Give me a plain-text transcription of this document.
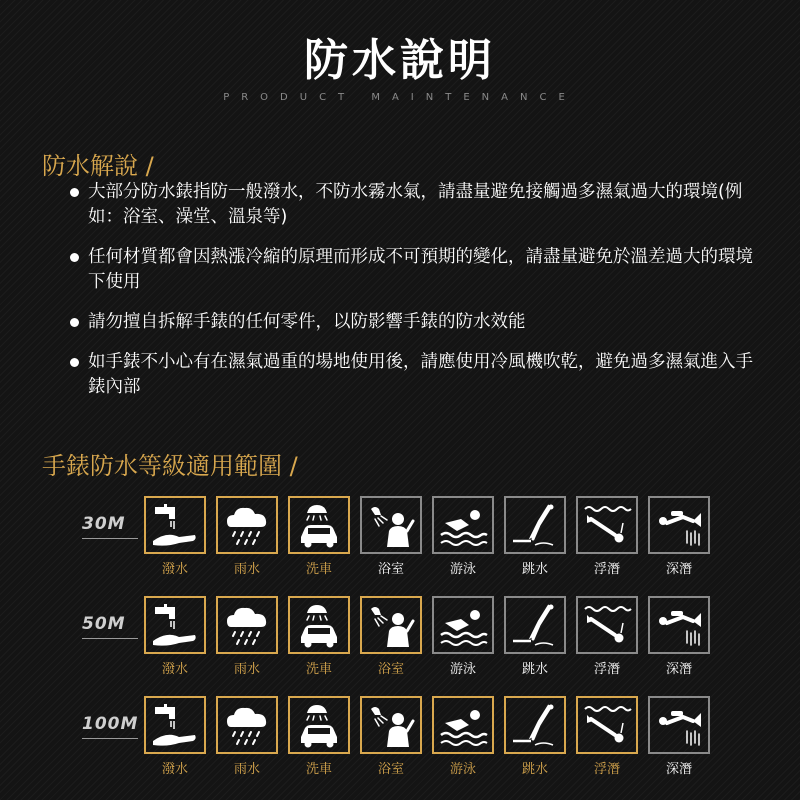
防水說明
PRODUCT MAINTENANCE
防水解說 /
大部分防水錶指防一般潑水，不防水霧水氣，請盡量避免接觸過多濕氣過大的環境(例如：浴室、澡堂、溫泉等)
任何材質都會因熱漲冷縮的原理而形成不可預期的變化，請盡量避免於溫差過大的環境下使用
請勿擅自拆解手錶的任何零件，以防影響手錶的防水效能
如手錶不小心有在濕氣過重的場地使用後，請應使用冷風機吹乾，避免過多濕氣進入手錶內部
手錶防水等級適用範圍 /
30M
潑水	雨水	洗車	浴室	游泳	跳水	浮潛	深潛
50M
潑水	雨水	洗車	浴室	游泳	跳水	浮潛	深潛
100M
潑水	雨水	洗車	浴室	游泳	跳水	浮潛	深潛
